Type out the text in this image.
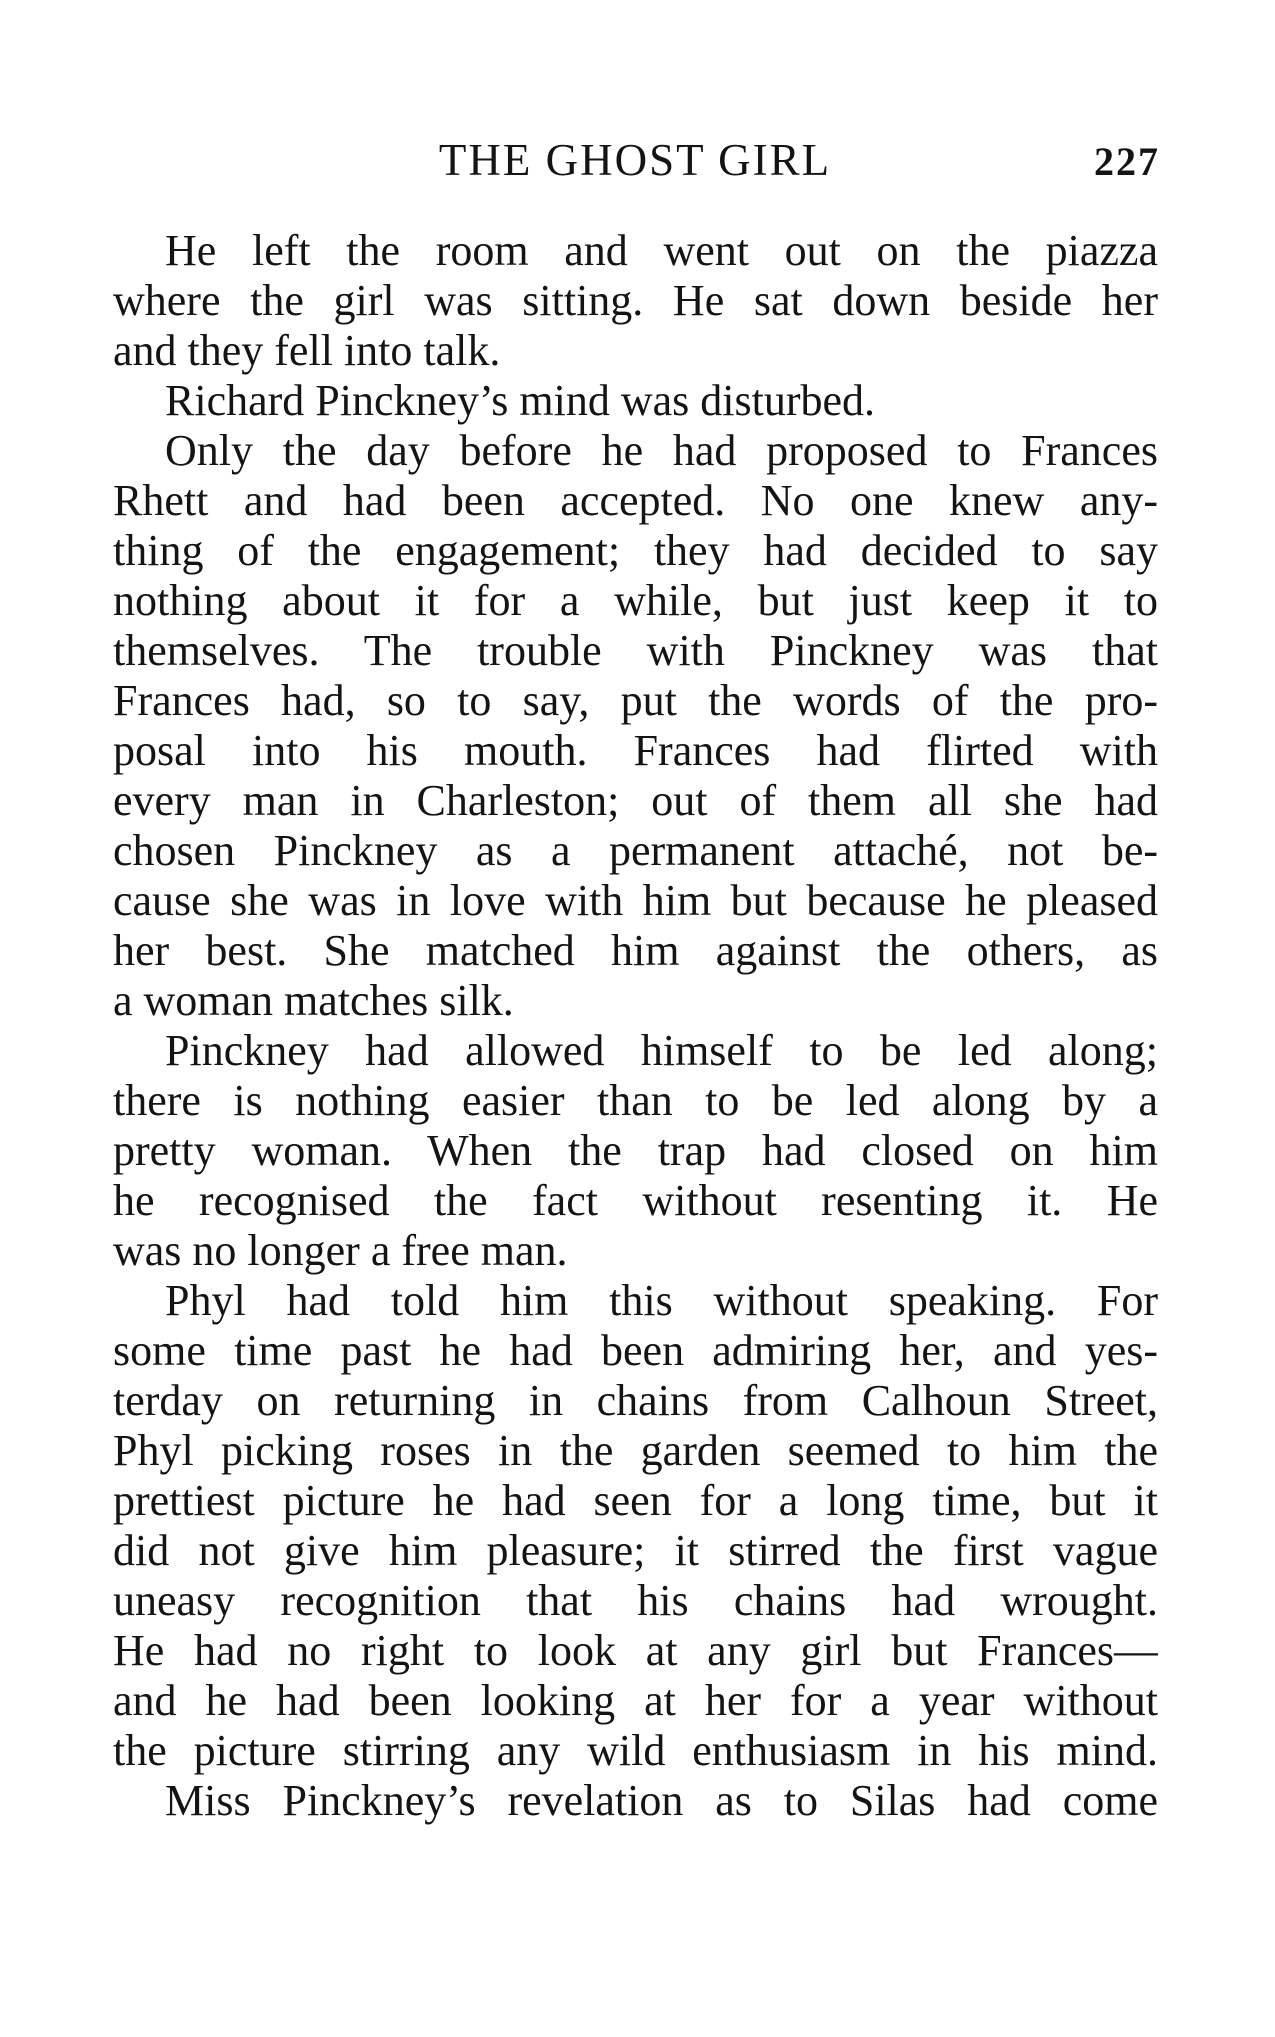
THE GHOST GIRL	227
He left the room and went out on the piazza
where the girl was sitting. He sat down beside her
and they fell into talk.
Richard Pinckney’s mind was disturbed.
Only the day before he had proposed to Frances
Rhett and had been accepted. No one knew any-
thing of the engagement; they had decided to say
nothing about it for a while, but just keep it to
themselves. The trouble with Pinckney was that
Frances had, so to say, put the words of the pro-
posal into his mouth. Frances had flirted with
every man in Charleston; out of them all she had
chosen Pinckney as a permanent attaché, not be-
cause she was in love with him but because he pleased
her best. She matched him against the others, as
a woman matches silk.
Pinckney had allowed himself to be led along;
there is nothing easier than to be led along by a
pretty woman. When the trap had closed on him
he recognised the fact without resenting it. He
was no longer a free man.
Phyl had told him this without speaking. For
some time past he had been admiring her, and yes-
terday on returning in chains from Calhoun Street,
Phyl picking roses in the garden seemed to him the
prettiest picture he had seen for a long time, but it
did not give him pleasure; it stirred the first vague
uneasy recognition that his chains had wrought.
He had no right to look at any girl but Frances—
and he had been looking at her for a year without
the picture stirring any wild enthusiasm in his mind.
Miss Pinckney’s revelation as to Silas had come
